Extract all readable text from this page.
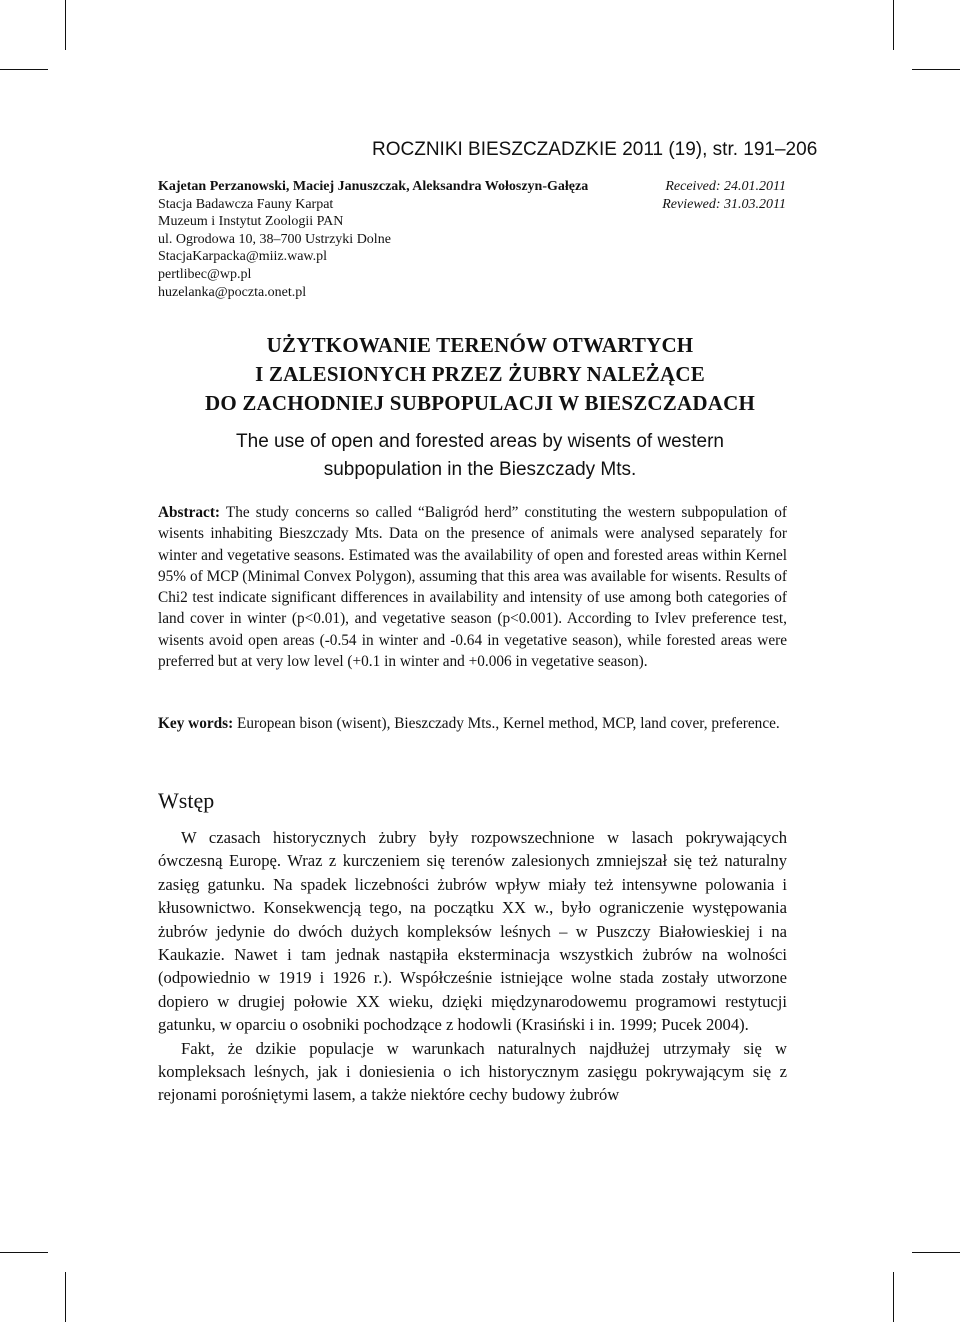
ROCZNIKI BIESZCZADZKIE 2011 (19), str. 191–206
Kajetan Perzanowski, Maciej Januszczak, Aleksandra Wołoszyn-Gałęza
Stacja Badawcza Fauny Karpat
Muzeum i Instytut Zoologii PAN
ul. Ogrodowa 10, 38–700 Ustrzyki Dolne
StacjaKarpacka@miiz.waw.pl
pertlibec@wp.pl
huzelanka@poczta.onet.pl
Received: 24.01.2011
Reviewed: 31.03.2011
UŻYTKOWANIE TERENÓW OTWARTYCH
I ZALESIONYCH PRZEZ ŻUBRY NALEŻĄCE
DO ZACHODNIEJ SUBPOPULACJI W BIESZCZADACH
The use of open and forested areas by wisents of western
subpopulation in the Bieszczady Mts.
Abstract: The study concerns so called “Baligród herd” constituting the western subpopulation of wisents inhabiting Bieszczady Mts. Data on the presence of animals were analysed separately for winter and vegetative seasons. Estimated was the availability of open and forested areas within Kernel 95% of MCP (Minimal Convex Polygon), assuming that this area was available for wisents. Results of Chi2 test indicate significant differences in availability and intensity of use among both categories of land cover in winter (p<0.01), and vegetative season (p<0.001). According to Ivlev preference test, wisents avoid open areas (-0.54 in winter and -0.64 in vegetative season), while forested areas were preferred but at very low level (+0.1 in winter and +0.006 in vegetative season).
Key words: European bison (wisent), Bieszczady Mts., Kernel method, MCP, land cover, preference.
Wstęp

W czasach historycznych żubry były rozpowszechnione w lasach pokrywających ówczesną Europę. Wraz z kurczeniem się terenów zalesionych zmniejszał się też naturalny zasięg gatunku. Na spadek liczebności żubrów wpływ miały też intensywne polowania i kłusownictwo. Konsekwencją tego, na początku XX w., było ograniczenie występowania żubrów jedynie do dwóch dużych kompleksów leśnych – w Puszczy Białowieskiej i na Kaukazie. Nawet i tam jednak nastąpiła eksterminacja wszystkich żubrów na wolności (odpowiednio w 1919 i 1926 r.). Współcześnie istniejące wolne stada zostały utworzone dopiero w drugiej połowie XX wieku, dzięki międzynarodowemu programowi restytucji gatunku, w oparciu o osobniki pochodzące z hodowli (Krasiński i in. 1999; Pucek 2004).

Fakt, że dzikie populacje w warunkach naturalnych najdłużej utrzymały się w kompleksach leśnych, jak i doniesienia o ich historycznym zasięgu pokrywającym się z rejonami porośniętymi lasem, a także niektóre cechy budowy żubrów
